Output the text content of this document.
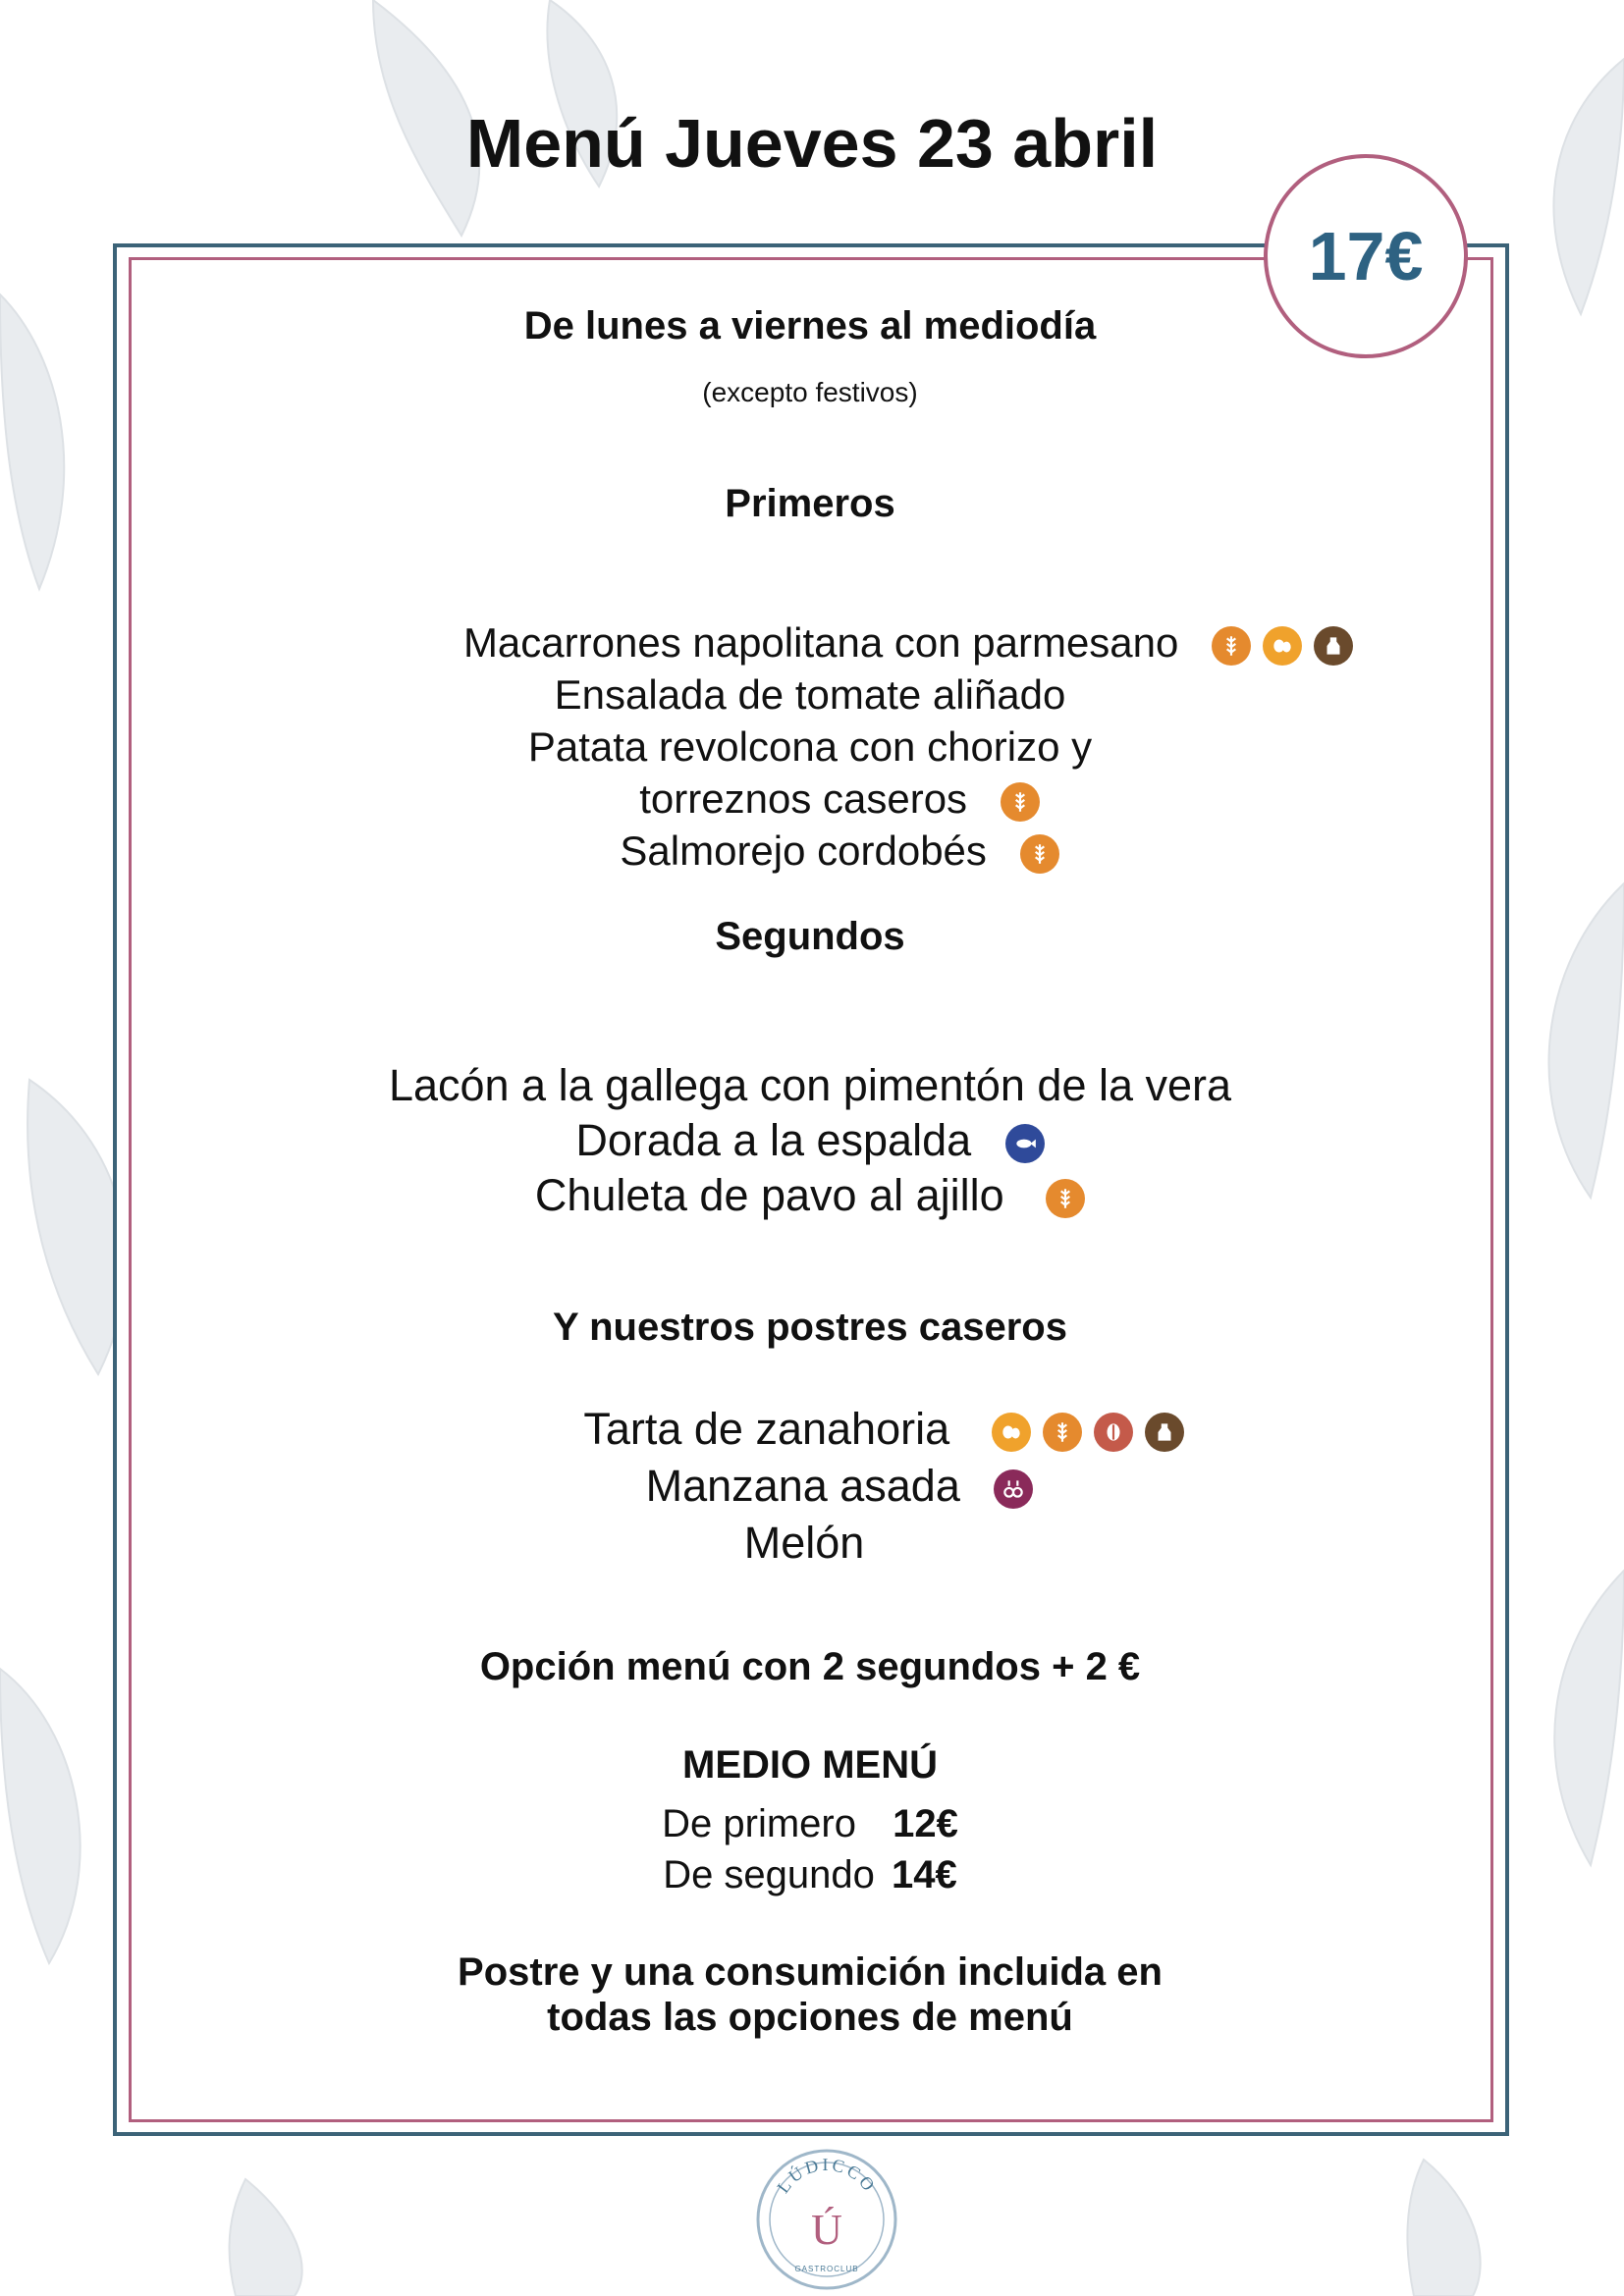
Menú Jueves 23 abril
17€
De lunes a viernes al mediodía
(excepto festivos)
Primeros
Macarrones napolitana con parmesano
Ensalada de tomate aliñado
Patata revolcona con chorizo y
torreznos caseros
Salmorejo cordobés
Segundos
Lacón a la gallega con pimentón de la vera
Dorada a la espalda
Chuleta de pavo al ajillo
Y nuestros postres caseros
Tarta de zanahoria
Manzana asada
Melón
Opción menú con 2 segundos + 2 €
MEDIO MENÚ
De primero 12€
De segundo 14€
Postre y una consumición incluida en
todas las opciones de menú
LÚDICCO
Ú
GASTROCLUB
